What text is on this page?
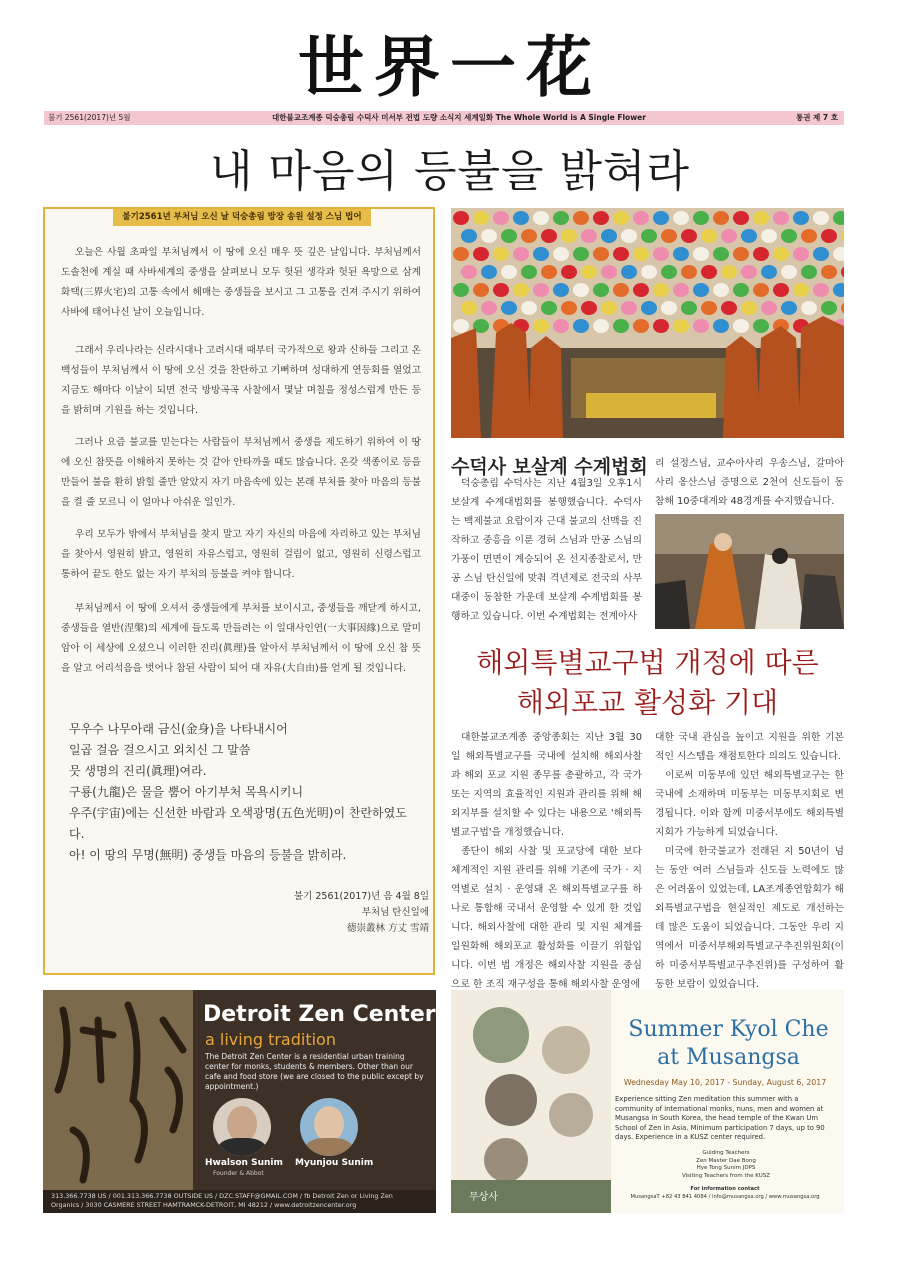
世界一花
불기 2561(2017)년 5월	대한불교조계종 덕숭총림 수덕사 미서부 전법 도량 소식지 세계일화 The Whole World is A Single Flower	통권 제 7 호
내 마음의 등불을 밝혀라
불기2561년 부처님 오신 날 덕숭총림 방장 송원 설정 스님 법어

오늘은 사월 초파일 부처님께서 이 땅에 오신 매우 뜻 깊은 날입니다. 부처님께서 도솔천에 계실 때 사바세계의 중생을 살펴보니 모두 헛된 생각과 헛된 욕망으로 삼계화택(三界火宅)의 고통 속에서 헤매는 중생들을 보시고 그 고통을 건져 주시기 위하여 사바에 태어나신 날이 오늘입니다.

그래서 우리나라는 신라시대나 고려시대 때부터 국가적으로 왕과 신하들 그리고 온 백성들이 부처님께서 이 땅에 오신 것을 찬탄하고 기뻐하며 성대하게 연등회를 열었고 지금도 해마다 이날이 되면 전국 방방곡곡 사찰에서 몇날 며칠을 정성스럽게 만든 등을 밝히며 기원을 하는 것입니다.

그러나 요즘 불교를 믿는다는 사람들이 부처님께서 중생을 제도하기 위하여 이 땅에 오신 참뜻을 이해하지 못하는 것 같아 안타까울 때도 많습니다. 온갖 색종이로 등을 만들어 불을 환히 밝힐 줄만 알았지 자기 마음속에 있는 본래 부처를 찾아 마음의 등불을 켤 줄 모르니 이 얼마나 아쉬운 일인가.

우리 모두가 밖에서 부처님을 찾지 말고 자기 자신의 마음에 자리하고 있는 부처님을 찾아서 영원히 밝고, 영원히 자유스럽고, 영원히 걸림이 없고, 영원히 신령스럽고 통하여 끝도 한도 없는 자기 부처의 등불을 켜야 합니다.

부처님께서 이 땅에 오셔서 중생들에게 부처를 보이시고, 중생들을 깨닫게 하시고, 중생들을 열반(涅槃)의 세계에 들도록 만들려는 이 일대사인연(一大事因緣)으로 말미암아 이 세상에 오셨으니 이러한 진리(眞理)를 알아서 부처님께서 이 땅에 오신 참 뜻을 알고 어리석음을 벗어나 참된 사람이 되어 대 자유(大自由)를 얻게 될 것입니다.

무우수 나무아래 금신(金身)을 나타내시어
일곱 걸음 걸으시고 외치신 그 말씀
뭇 생명의 진리(眞理)여라.
구룡(九龍)은 물을 뿜어 아기부처 목욕시키니
우주(宇宙)에는 신선한 바람과 오색광명(五色光明)이 찬란하였도다.
아! 이 땅의 무명(無明) 중생들 마음의 등불을 밝히라.
불기 2561(2017)년 음 4월 8일
부처님 탄신일에
德崇叢林 方丈 雪靖
수덕사 보살계 수계법회
덕숭총림 수덕사는 지난 4월3일 오후1시 보살계 수계대법회를 봉행했습니다. 수덕사는 백제불교 요람이자 근대 불교의 선맥을 진작하고 중흥을 이룬 경허 스님과 만공 스님의 가풍이 면면이 계승되어 온 선지종찰로서, 만공 스님 탄신일에 맞춰 격년제로 전국의 사부대중이 동참한 가운데 보살계 수계법회를 봉행하고 있습니다. 이번 수계법회는 전계아사
리 설정스님, 교수아사리 우송스님, 갈마아사리 옹산스님 증명으로 2천여 신도들이 동참해 10중대계와 48경계를 수지했습니다.
해외특별교구법 개정에 따른
해외포교 활성화 기대
대한불교조계종 중앙종회는 지난 3월 30일 해외특별교구를 국내에 설치해 해외사찰과 해외 포교 지원 종무를 총괄하고, 각 국가 또는 지역의 효율적인 지원과 관리를 위해 해외지부를 설치할 수 있다는 내용으로 '해외특별교구법'을 개정했습니다.
종단이 해외 사찰 및 포교당에 대한 보다 체계적인 지원 관리를 위해 기존에 국가 · 지역별로 설치 · 운영돼 온 해외특별교구를 하나로 통합해 국내서 운영할 수 있게 한 것입니다. 해외사찰에 대한 관리 및 지원 체계를 일원화해 해외포교 활성화를 이끌기 위함입니다. 이번 법 개정은 해외사찰 지원을 중심으로 한 조직 재구성을 통해 해외사찰 운영에
대한 국내 관심을 높이고 지원을 위한 기본적인 시스템을 재점토한다 의의도 있습니다.
이로써 미동부에 있던 해외특별교구는 한국내에 소재하며 미동부는 미동부지회로 변경됩니다. 이와 함께 미중서부에도 해외특별지회가 가능하게 되었습니다.
미국에 한국불교가 전래된 지 50년이 넘는 동안 여러 스님들과 신도들 노력에도 많은 어려움이 있었는데, LA조계종연합회가 해외특별교구법을 현실적인 제도로 개선하는데 많은 도움이 되었습니다. 그동안 우리 지역에서 미중서부해외특별교구추진위원회(이하 미중서부특별교구추진위)를 구성하여 활동한 보람이 있었습니다.
Detroit Zen Center
a living tradition
The Detroit Zen Center is a residential urban training center for monks, students & members. Other than our cafe and food store (we are closed to the public except by appointment.)
Hwalson Sunim
Founder & Abbot
Myunjou Sunim
313.366.7738 US / 001.313.366.7738 OUTSIDE US / DZC.STAFF@GMAIL.COM / fb Detroit Zen or Living Zen
Organics / 3030 CASMERE STREET HAMTRAMCK-DETROIT, MI 48212 / www.detroitzencenter.org
Summer Kyol Che
at Musangsa
Wednesday May 10, 2017 - Sunday, August 6, 2017
Experience sitting Zen meditation this summer with a community of international monks, nuns, men and women at Musangsa in South Korea, the head temple of the Kwan Um School of Zen in Asia. Minimum participation 7 days, up to 90 days. Experience in a KUSZ center required.
Guiding Teachers
Zen Master Dae Bong
Hye Tong Sunim JDPS
Visiting Teachers from the KUSZ
For information contact
MusangsaT +82 43 841 4084 / info@musangsa.org / www.musangsa.org
무상사
